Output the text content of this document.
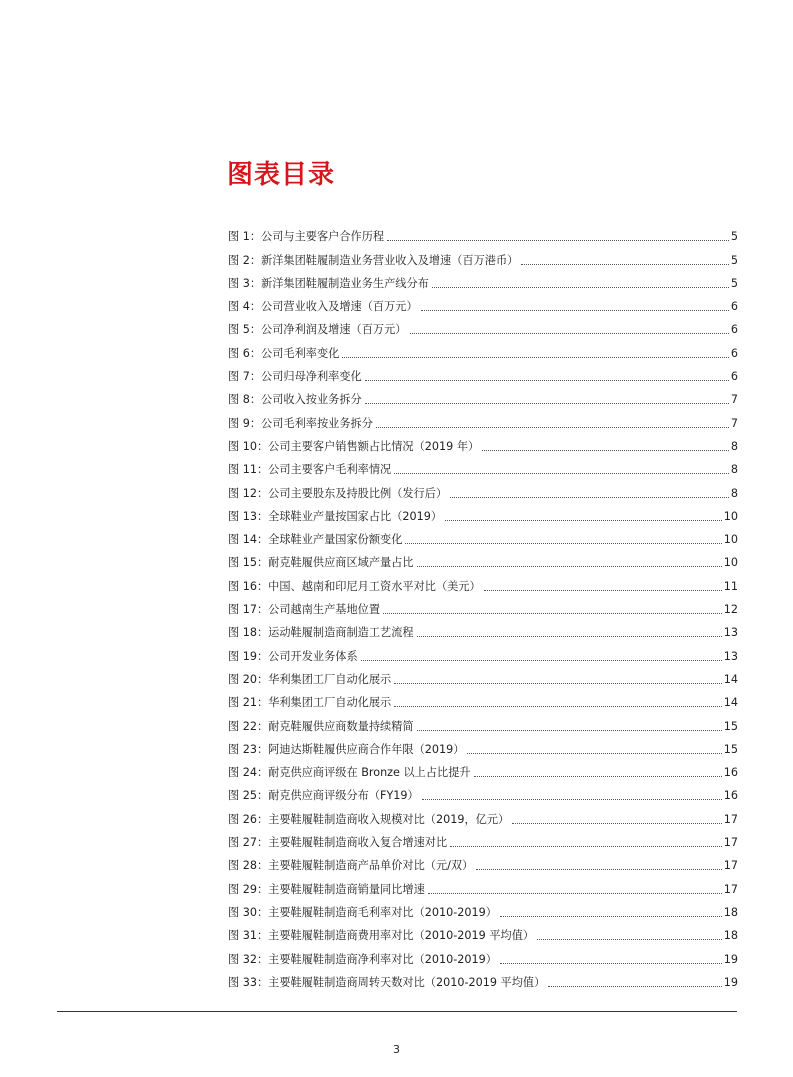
图表目录
图 1：公司与主要客户合作历程	5
图 2：新洋集团鞋履制造业务营业收入及增速（百万港币）	5
图 3：新洋集团鞋履制造业务生产线分布	5
图 4：公司营业收入及增速（百万元）	6
图 5：公司净利润及增速（百万元）	6
图 6：公司毛利率变化	6
图 7：公司归母净利率变化	6
图 8：公司收入按业务拆分	7
图 9：公司毛利率按业务拆分	7
图 10：公司主要客户销售额占比情况（2019 年）	8
图 11：公司主要客户毛利率情况	8
图 12：公司主要股东及持股比例（发行后）	8
图 13：全球鞋业产量按国家占比（2019）	10
图 14：全球鞋业产量国家份额变化	10
图 15：耐克鞋履供应商区域产量占比	10
图 16：中国、越南和印尼月工资水平对比（美元）	11
图 17：公司越南生产基地位置	12
图 18：运动鞋履制造商制造工艺流程	13
图 19：公司开发业务体系	13
图 20：华利集团工厂自动化展示	14
图 21：华利集团工厂自动化展示	14
图 22：耐克鞋履供应商数量持续精简	15
图 23：阿迪达斯鞋履供应商合作年限（2019）	15
图 24：耐克供应商评级在 Bronze 以上占比提升	16
图 25：耐克供应商评级分布（FY19）	16
图 26：主要鞋履鞋制造商收入规模对比（2019，亿元）	17
图 27：主要鞋履鞋制造商收入复合增速对比	17
图 28：主要鞋履鞋制造商产品单价对比（元/双）	17
图 29：主要鞋履鞋制造商销量同比增速	17
图 30：主要鞋履鞋制造商毛利率对比（2010-2019）	18
图 31：主要鞋履鞋制造商费用率对比（2010-2019 平均值）	18
图 32：主要鞋履鞋制造商净利率对比（2010-2019）	19
图 33：主要鞋履鞋制造商周转天数对比（2010-2019 平均值）	19
3
